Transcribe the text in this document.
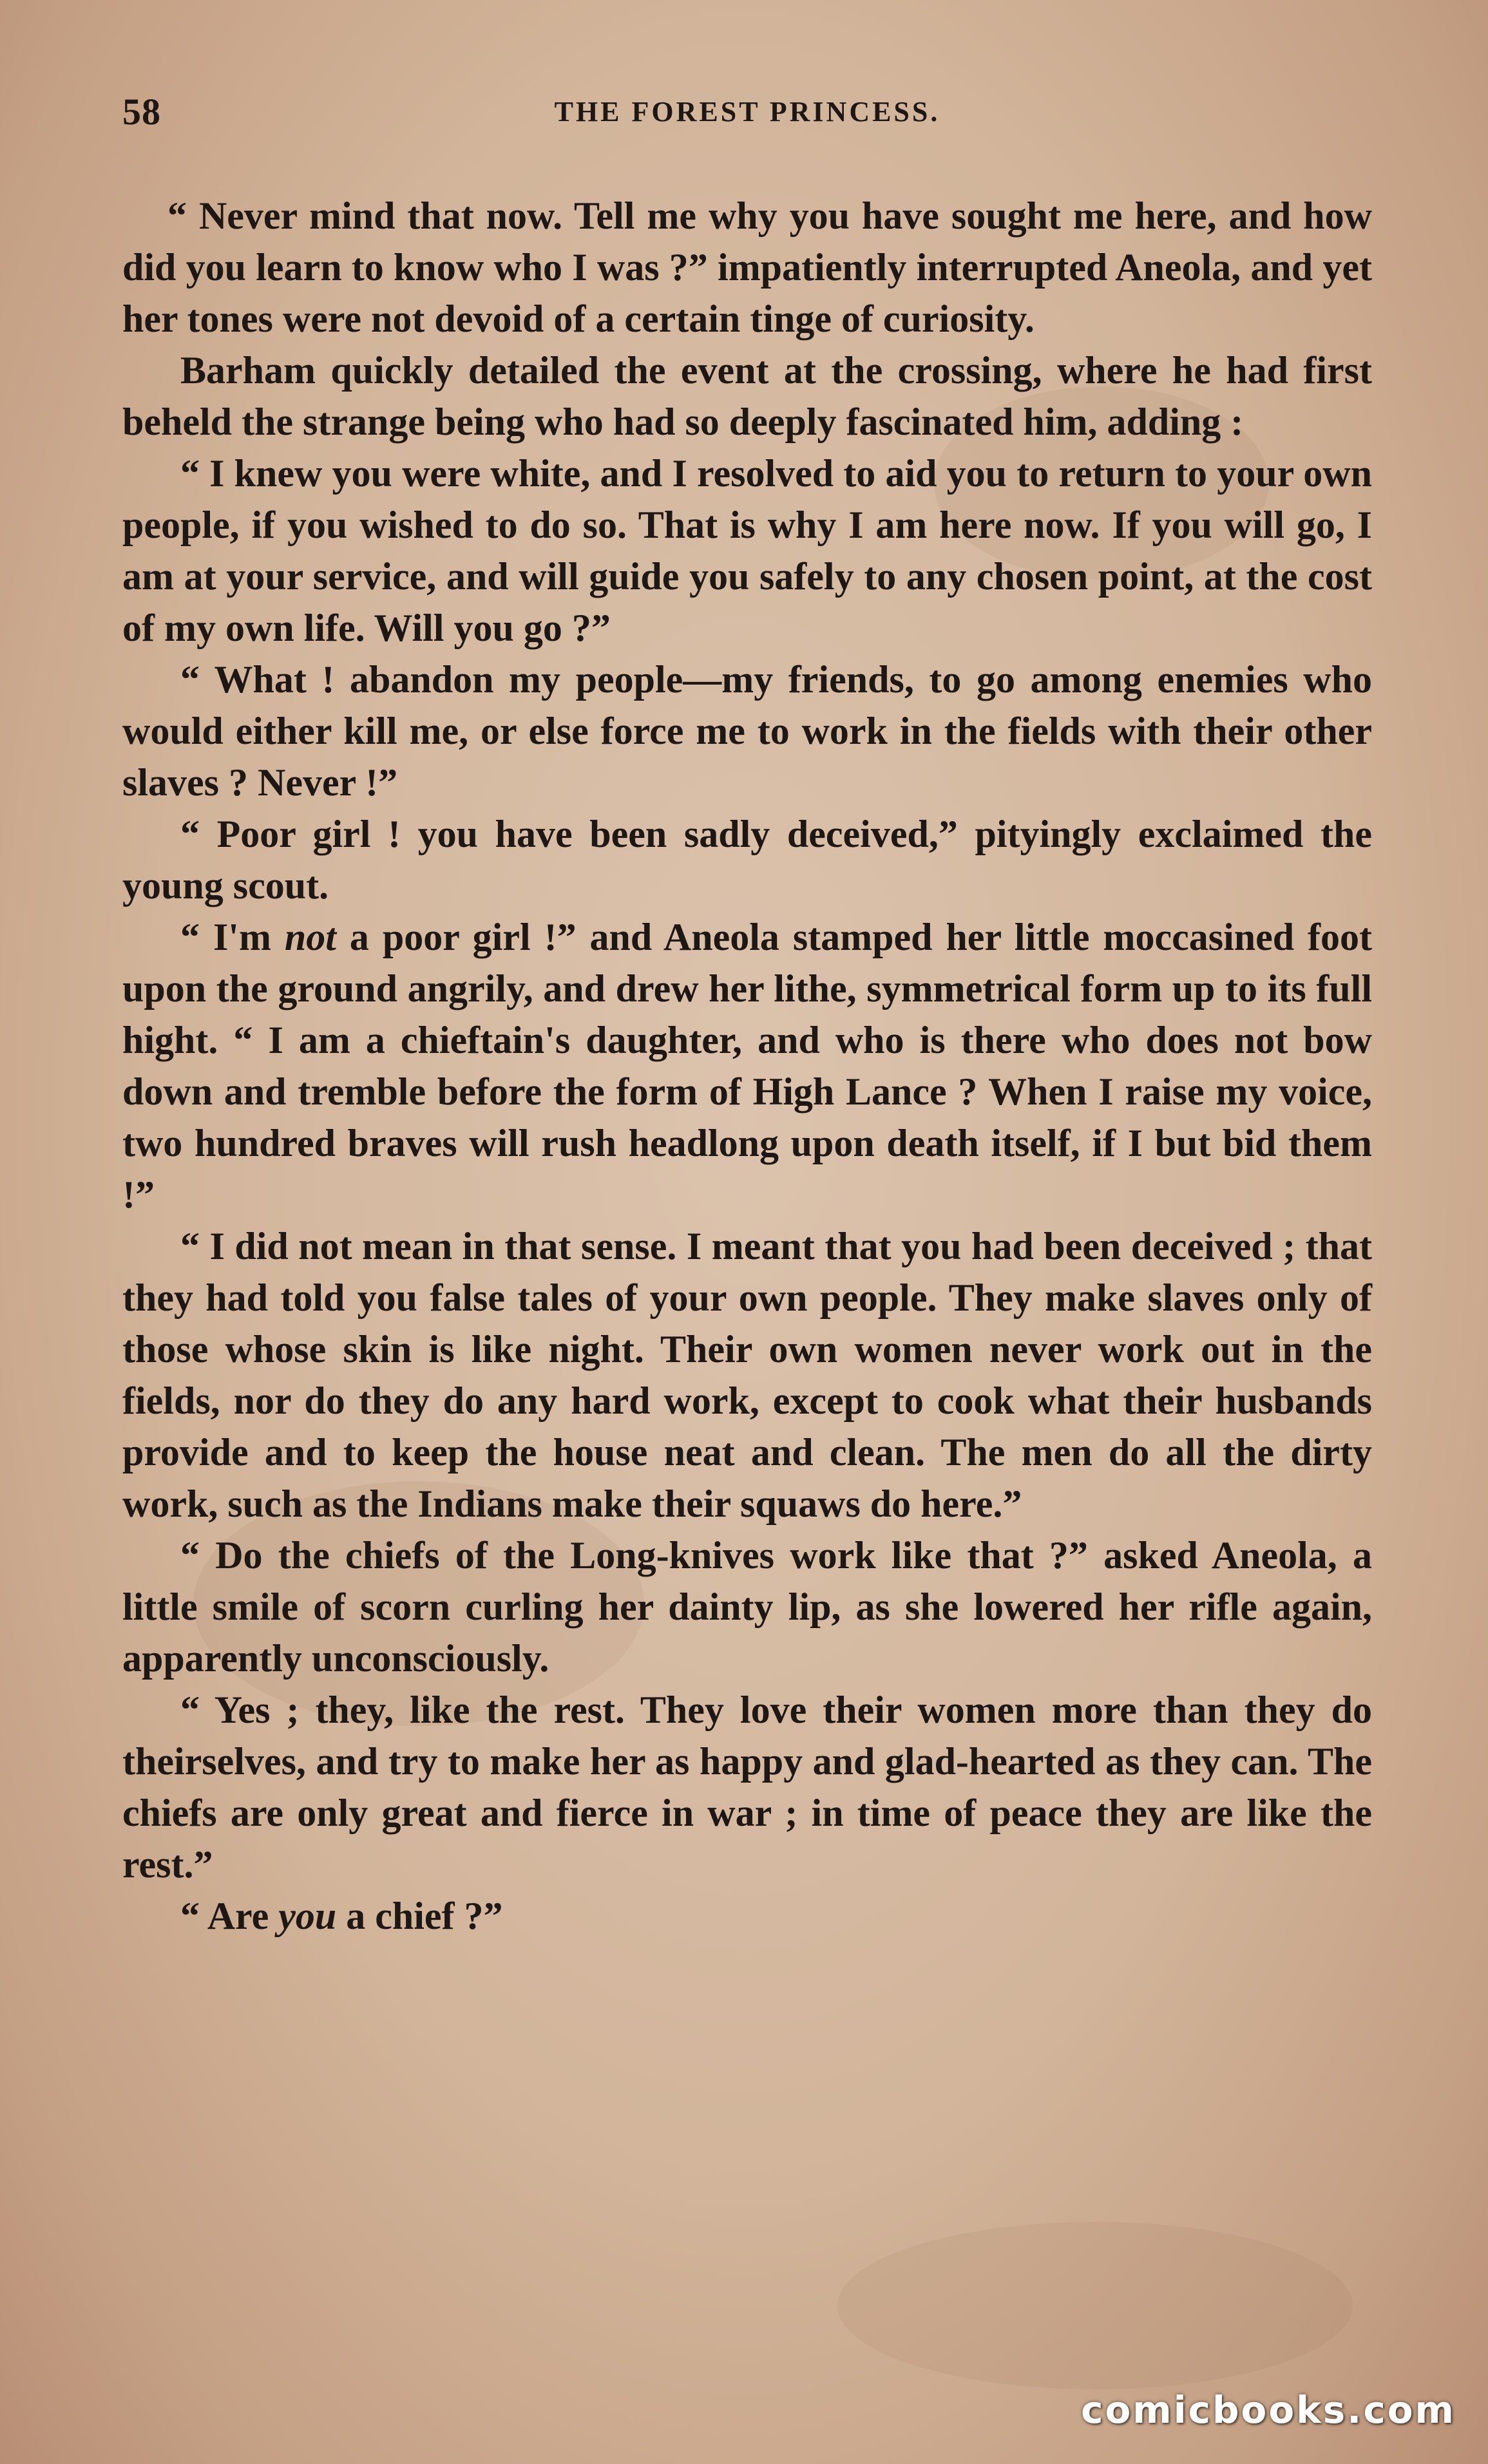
58	THE FOREST PRINCESS.

“ Never mind that now. Tell me why you have sought me here, and how did you learn to know who I was ?” impatiently interrupted Aneola, and yet her tones were not devoid of a certain tinge of curiosity.

Barham quickly detailed the event at the crossing, where he had first beheld the strange being who had so deeply fascinated him, adding :

“ I knew you were white, and I resolved to aid you to return to your own people, if you wished to do so. That is why I am here now. If you will go, I am at your service, and will guide you safely to any chosen point, at the cost of my own life. Will you go ?”

“ What ! abandon my people—my friends, to go among enemies who would either kill me, or else force me to work in the fields with their other slaves ? Never !”

“ Poor girl ! you have been sadly deceived,” pityingly exclaimed the young scout.

“ I'm not a poor girl !” and Aneola stamped her little moccasined foot upon the ground angrily, and drew her lithe, symmetrical form up to its full hight. “ I am a chieftain's daughter, and who is there who does not bow down and tremble before the form of High Lance ? When I raise my voice, two hundred braves will rush headlong upon death itself, if I but bid them !”

“ I did not mean in that sense. I meant that you had been deceived ; that they had told you false tales of your own people. They make slaves only of those whose skin is like night. Their own women never work out in the fields, nor do they do any hard work, except to cook what their husbands provide and to keep the house neat and clean. The men do all the dirty work, such as the Indians make their squaws do here.”

“ Do the chiefs of the Long-knives work like that ?” asked Aneola, a little smile of scorn curling her dainty lip, as she lowered her rifle again, apparently unconsciously.

“ Yes ; they, like the rest. They love their women more than they do theirselves, and try to make her as happy and glad-hearted as they can. The chiefs are only great and fierce in war ; in time of peace they are like the rest.”

“ Are you a chief ?”

comicbooks.com
